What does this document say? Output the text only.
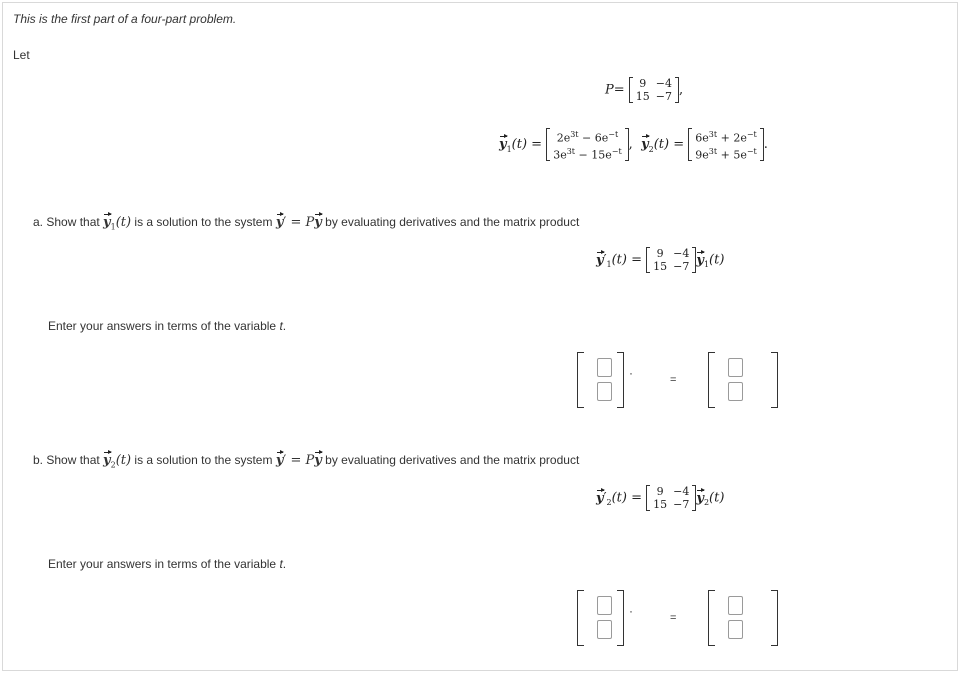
This is the first part of a four-part problem.
Let
P= 9	−4
15	−7 ,
$y_1(t) = 2e^{3t} - 6e^{-t}$
$3e^{3t} - 15e^{-t}$ ,  $y_2(t) = 6e^{3t} + 2e^{-t}$
$9e^{3t} + 5e^{-t}$ .
a. Show that $y_1(t)$ is a solution to the system y′ = Py by evaluating derivatives and the matrix product
$y'_1(t) = 9$	−4
15	−7 $y_1(t)$
Enter your answers in terms of the variable t.
·	=
b. Show that $y_2(t)$ is a solution to the system y′ = Py by evaluating derivatives and the matrix product
$y'_2(t) = 9$	−4
15	−7 $y_2(t)$
Enter your answers in terms of the variable t.
·	=
